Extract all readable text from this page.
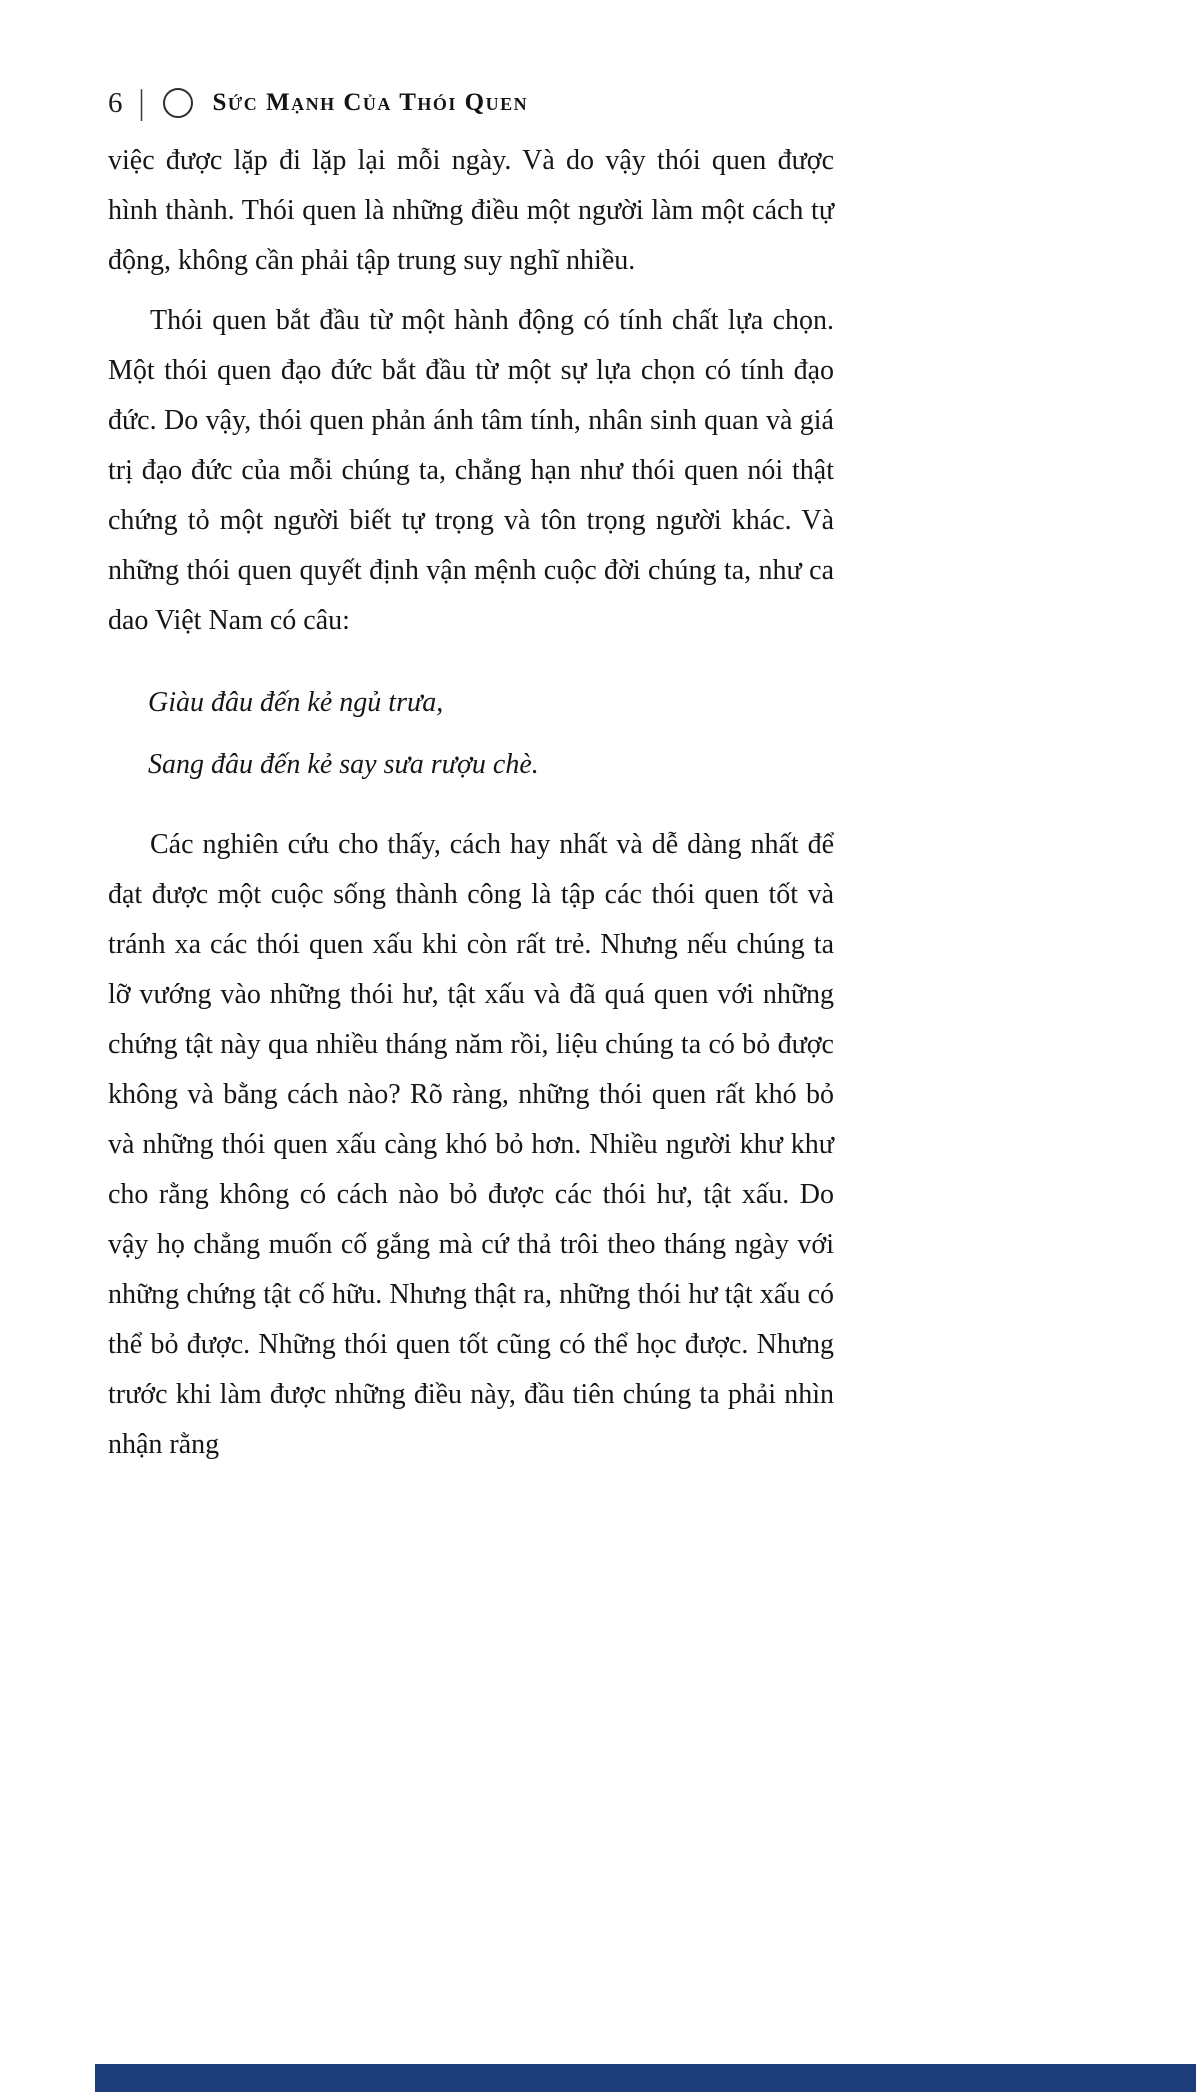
6 |	Sức Mạnh Của Thói Quen

việc được lặp đi lặp lại mỗi ngày. Và do vậy thói quen được hình thành. Thói quen là những điều một người làm một cách tự động, không cần phải tập trung suy nghĩ nhiều.

Thói quen bắt đầu từ một hành động có tính chất lựa chọn. Một thói quen đạo đức bắt đầu từ một sự lựa chọn có tính đạo đức. Do vậy, thói quen phản ánh tâm tính, nhân sinh quan và giá trị đạo đức của mỗi chúng ta, chẳng hạn như thói quen nói thật chứng tỏ một người biết tự trọng và tôn trọng người khác. Và những thói quen quyết định vận mệnh cuộc đời chúng ta, như ca dao Việt Nam có câu:

Giàu đâu đến kẻ ngủ trưa,

Sang đâu đến kẻ say sưa rượu chè.

Các nghiên cứu cho thấy, cách hay nhất và dễ dàng nhất để đạt được một cuộc sống thành công là tập các thói quen tốt và tránh xa các thói quen xấu khi còn rất trẻ. Nhưng nếu chúng ta lỡ vướng vào những thói hư, tật xấu và đã quá quen với những chứng tật này qua nhiều tháng năm rồi, liệu chúng ta có bỏ được không và bằng cách nào? Rõ ràng, những thói quen rất khó bỏ và những thói quen xấu càng khó bỏ hơn. Nhiều người khư khư cho rằng không có cách nào bỏ được các thói hư, tật xấu. Do vậy họ chẳng muốn cố gắng mà cứ thả trôi theo tháng ngày với những chứng tật cố hữu. Nhưng thật ra, những thói hư tật xấu có thể bỏ được. Những thói quen tốt cũng có thể học được. Nhưng trước khi làm được những điều này, đầu tiên chúng ta phải nhìn nhận rằng
